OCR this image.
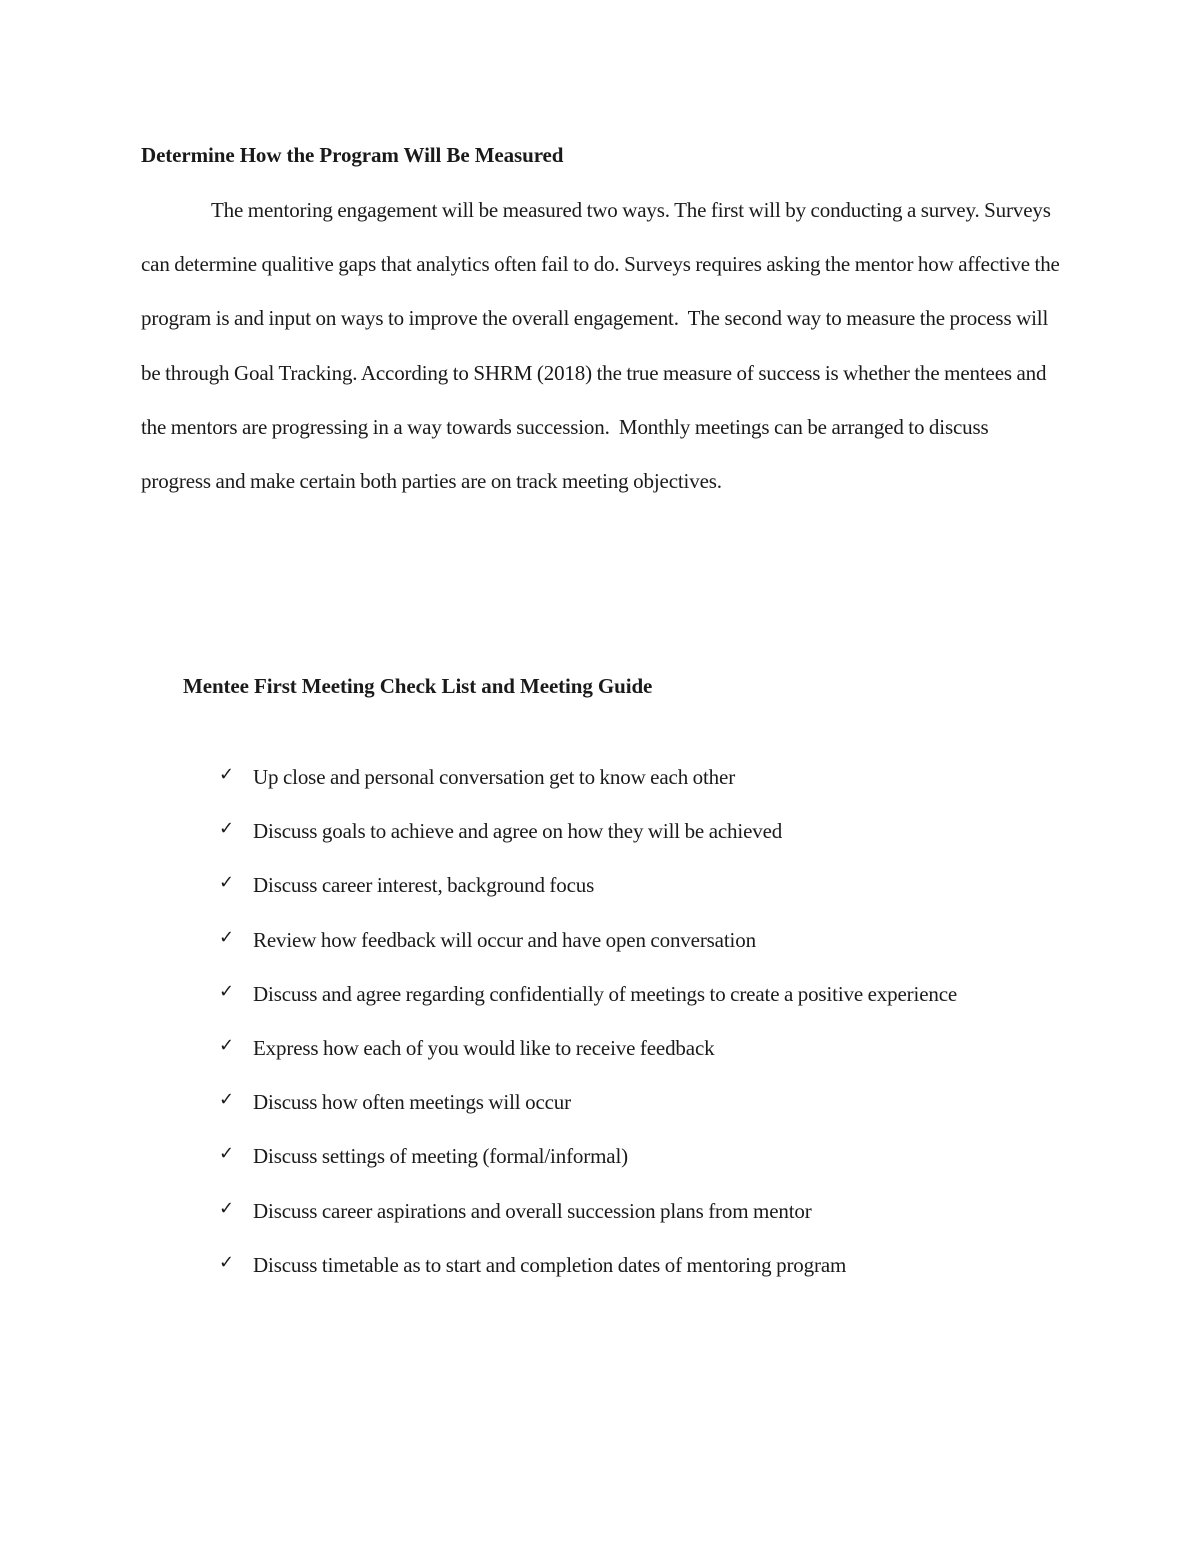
Determine How the Program Will Be Measured

The mentoring engagement will be measured two ways. The first will by conducting a survey. Surveys can determine qualitive gaps that analytics often fail to do. Surveys requires asking the mentor how affective the program is and input on ways to improve the overall engagement.  The second way to measure the process will be through Goal Tracking. According to SHRM (2018) the true measure of success is whether the mentees and the mentors are progressing in a way towards succession.  Monthly meetings can be arranged to discuss progress and make certain both parties are on track meeting objectives.

Mentee First Meeting Check List and Meeting Guide
✓ Up close and personal conversation get to know each other
✓ Discuss goals to achieve and agree on how they will be achieved
✓ Discuss career interest, background focus
✓ Review how feedback will occur and have open conversation
✓ Discuss and agree regarding confidentially of meetings to create a positive experience
✓ Express how each of you would like to receive feedback
✓ Discuss how often meetings will occur
✓ Discuss settings of meeting (formal/informal)
✓ Discuss career aspirations and overall succession plans from mentor
✓ Discuss timetable as to start and completion dates of mentoring program
